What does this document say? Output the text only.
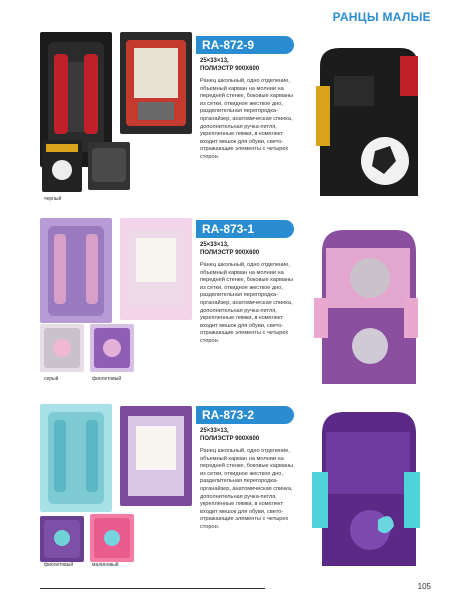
РАНЦЫ МАЛЫЕ
черный
RA-872-9
25×33×13,
ПОЛИЭСТР 900X600
Ранец школьный, одно отделение, объемный карман на молнии на передней стенке, боковые карманы из сетки, откидное жесткое дно, разделительная перегородка-органайзер, анатомическая спинка, дополнительная ручка-петля, укрепленные лямки, в комплект входит мешок для обуви, светоотражающие элементы с четырех сторон.
серый	фиолетовый
RA-873-1
25×33×13,
ПОЛИЭСТР 900X600
Ранец школьный, одно отделение, объемный карман на молнии на передней стенке, боковые карманы из сетки, откидное жесткое дно, разделительная перегородка-органайзер, анатомическая спинка, дополнительная ручка-петля, укрепленные лямки, в комплект входит мешок для обуви, светоотражающие элементы с четырех сторон.
фиолетовый	малиновый
RA-873-2
25×33×13,
ПОЛИЭСТР 900X600
Ранец школьный, одно отделение, объемный карман на молнии на передней стенке, боковые карманы из сетки, откидное жесткое дно, разделительная перегородка-органайзер, анатомическая спинка, дополнительная ручка-петля, укрепленные лямки, в комплект входит мешок для обуви, светоотражающие элементы с четырех сторон.
105
